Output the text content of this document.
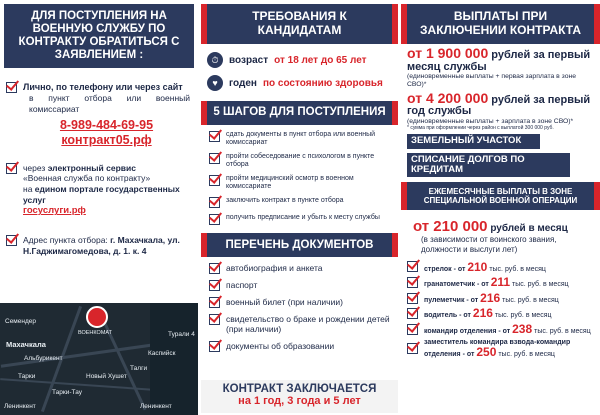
ДЛЯ ПОСТУПЛЕНИЯ НА ВОЕННУЮ СЛУЖБУ ПО КОНТРАКТУ ОБРАТИТЬСЯ С ЗАЯВЛЕНИЕМ :
Лично, по телефону или через сайт
в пункт отбора или военный комиссариат
8-989-484-69-95
контракт05.рф
через электронный сервис
«Военная служба по контракту»
на едином портале государственных услуг
госуслуги.рф
Адрес пункта отбора: г. Махачкала, ул. Н.Гаджимагомедова, д. 1. к. 4
ВОЕНКОМАТ
Махачкала
Альбурикент
Тарки	Новый Хушет
Каспийск
Талги
Турали 4
Ленинкент
Тарки-Тау
Семендер
Ленинкент
ТРЕБОВАНИЯ К КАНДИДАТАМ
⏱	возраст от 18 лет до 65 лет
♥	годен по состоянию здоровья
5 ШАГОВ ДЛЯ ПОСТУПЛЕНИЯ
сдать документы в пункт отбора или военный комиссариат
пройти собеседование с психологом в пункте отбора
пройти медицинский осмотр в военном комиссариате
заключить контракт в пункте отбора
получить предписание и убыть к месту службы
ПЕРЕЧЕНЬ ДОКУМЕНТОВ
автобиография и анкета
паспорт
военный билет (при наличии)
свидетельство о браке и рождении детей (при наличии)
документы об образовании
КОНТРАКТ ЗАКЛЮЧАЕТСЯ
на 1 год, 3 года и 5 лет
ВЫПЛАТЫ ПРИ ЗАКЛЮЧЕНИИ КОНТРАКТА
от 1 900 000 рублей за первый месяц службы
(единовременные выплаты + первая зарплата в зоне СВО)*
от 4 200 000 рублей за первый год службы
(единовременные выплаты + зарплата в зоне СВО)*
* сумма при оформлении через район с выплатой 300 000 руб.
ЗЕМЕЛЬНЫЙ УЧАСТОК
СПИСАНИЕ ДОЛГОВ ПО КРЕДИТАМ
ЕЖЕМЕСЯЧНЫЕ ВЫПЛАТЫ В ЗОНЕ СПЕЦИАЛЬНОЙ ВОЕННОЙ ОПЕРАЦИИ
от 210 000 рублей в месяц
(в зависимости от воинского звания, должности и выслуги лет)
стрелок - от 210 тыс. руб. в месяц
гранатометчик - от 211 тыс. руб. в месяц
пулеметчик - от 216 тыс. руб. в месяц
водитель - от 216 тыс. руб. в месяц
командир отделения - от 238 тыс. руб. в месяц
заместитель командира взвода-командир отделения - от 250 тыс. руб. в месяц
